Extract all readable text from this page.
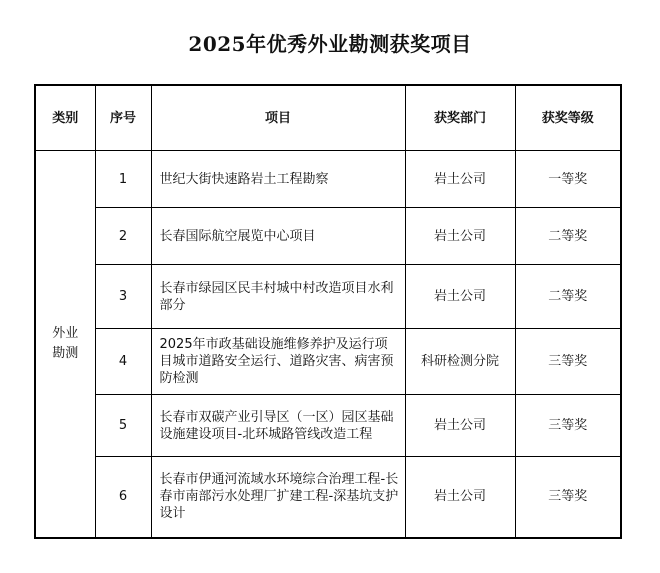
2025年优秀外业勘测获奖项目
类别	序号	项目	获奖部门	获奖等级
外业勘测	1	世纪大街快速路岩土工程勘察	岩土公司	一等奖
	2	长春国际航空展览中心项目	岩土公司	二等奖
	3	长春市绿园区民丰村城中村改造项目水利部分	岩土公司	二等奖
	4	2025年市政基础设施维修养护及运行项目城市道路安全运行、道路灾害、病害预防检测	科研检测分院	三等奖
	5	长春市双碳产业引导区（一区）园区基础设施建设项目-北环城路管线改造工程	岩土公司	三等奖
	6	长春市伊通河流域水环境综合治理工程-长春市南部污水处理厂扩建工程-深基坑支护设计	岩土公司	三等奖
